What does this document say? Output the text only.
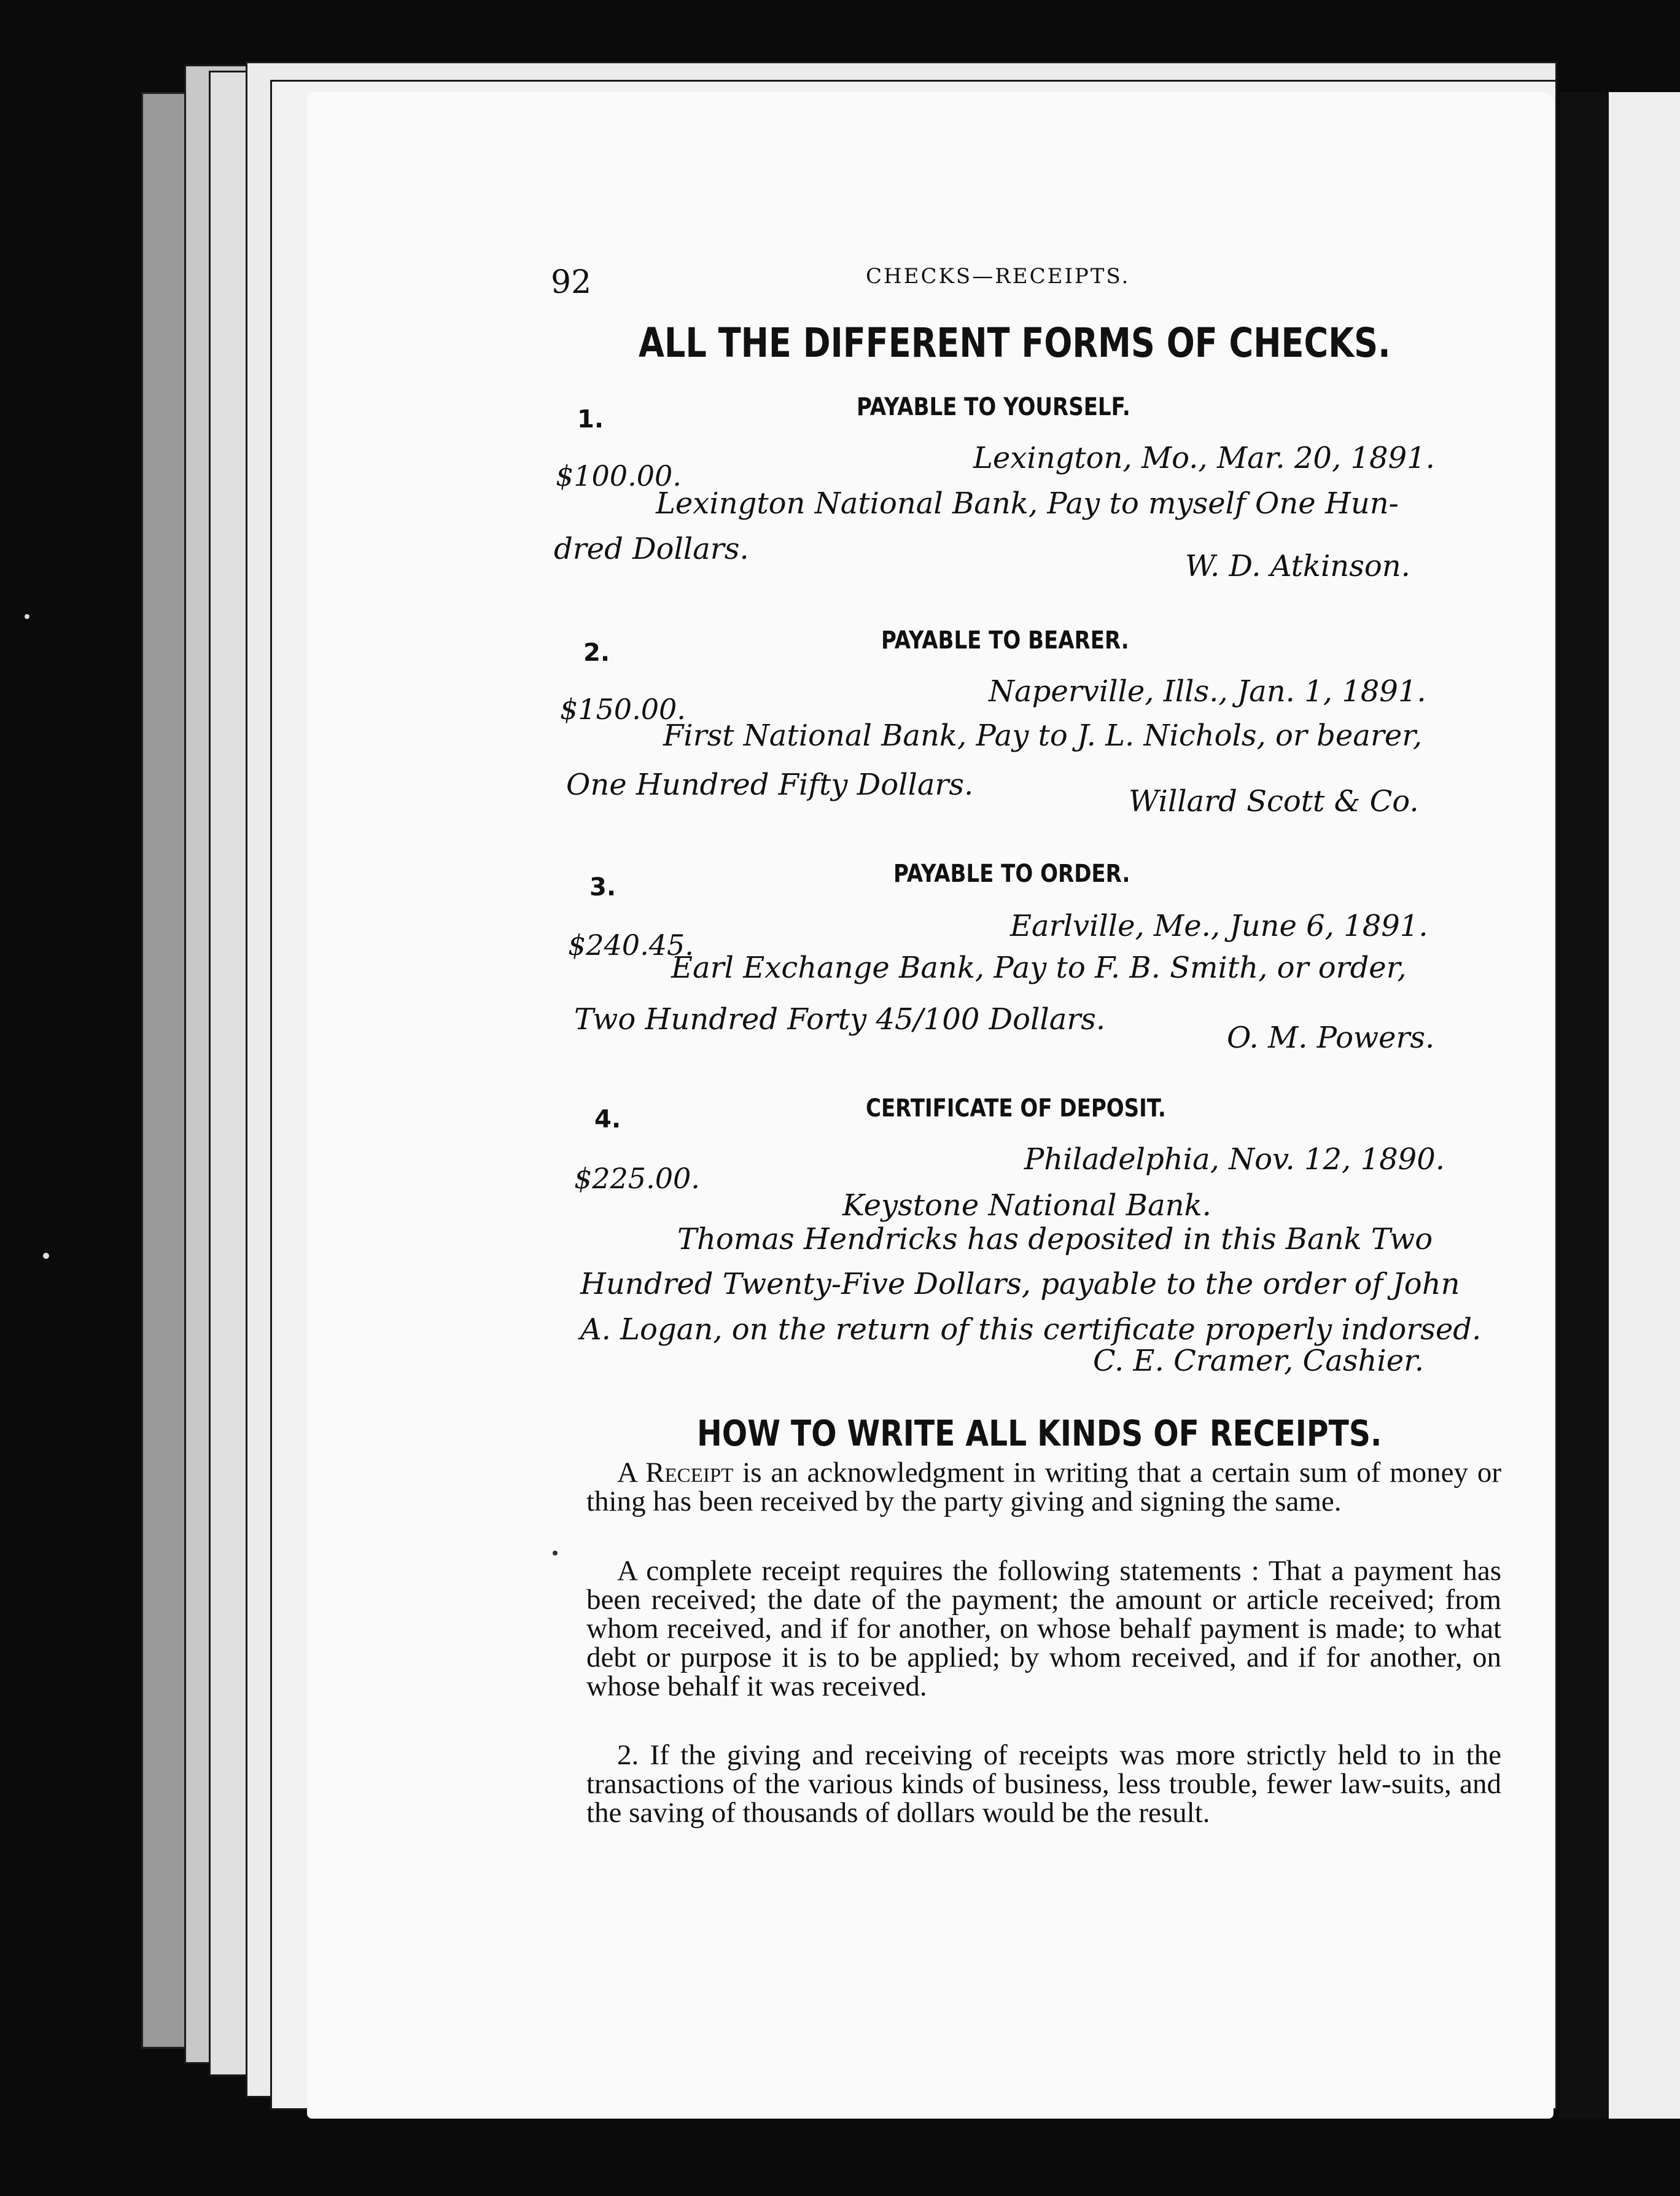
92	CHECKS—RECEIPTS.
ALL THE DIFFERENT FORMS OF CHECKS.
1.	PAYABLE TO YOURSELF.
$100.00.
Lexington, Mo., Mar. 20, 1891.
Lexington National Bank, Pay to myself One Hun-
dred Dollars.	W. D. Atkinson.
2.	PAYABLE TO BEARER.
$150.00.
Naperville, Ills., Jan. 1, 1891.
First National Bank, Pay to J. L. Nichols, or bearer,
One Hundred Fifty Dollars.	Willard Scott & Co.
3.	PAYABLE TO ORDER.
$240.45.
Earlville, Me., June 6, 1891.
Earl Exchange Bank, Pay to F. B. Smith, or order,
Two Hundred Forty 45/100 Dollars.
O. M. Powers.
4.	CERTIFICATE OF DEPOSIT.
$225.00.
Philadelphia, Nov. 12, 1890.
Keystone National Bank.
Thomas Hendricks has deposited in this Bank Two
Hundred Twenty-Five Dollars, payable to the order of John
A. Logan, on the return of this certificate properly indorsed.
C. E. Cramer, Cashier.
HOW TO WRITE ALL KINDS OF RECEIPTS.
A Receipt is an acknowledgment in writing that a certain sum of money or thing has been received by the party giving and signing the same.
A complete receipt requires the following statements : That a payment has been received; the date of the payment; the amount or article received; from whom received, and if for another, on whose behalf payment is made; to what debt or purpose it is to be applied; by whom received, and if for another, on whose behalf it was received.
2. If the giving and receiving of receipts was more strictly held to in the transactions of the various kinds of business, less trouble, fewer law-suits, and the saving of thousands of dollars would be the result.
